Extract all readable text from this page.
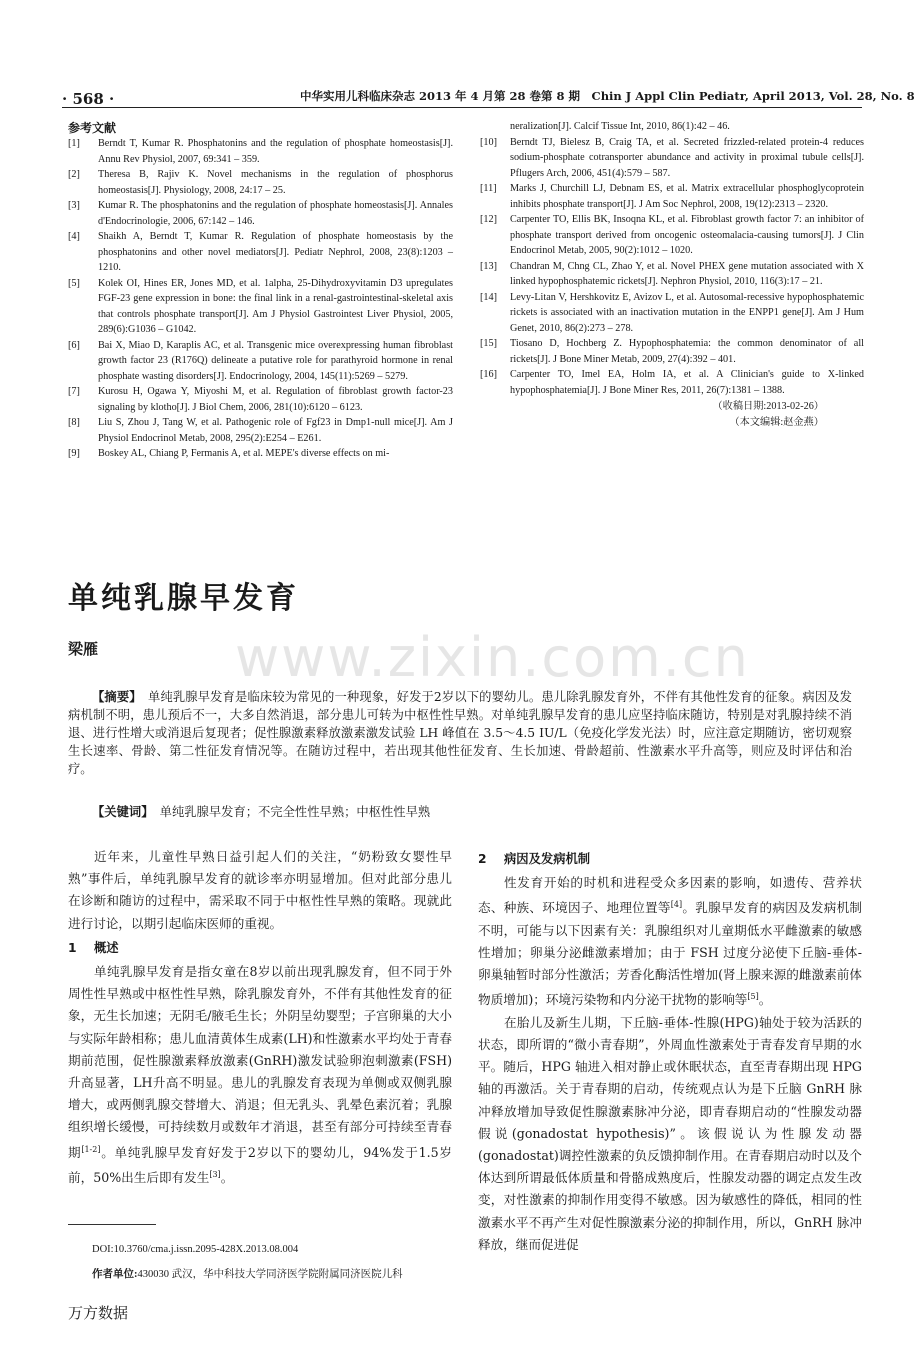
· 568 ·	中华实用儿科临床杂志 2013 年 4 月第 28 卷第 8 期　Chin J Appl Clin Pediatr, April 2013, Vol. 28, No. 8
参考文献
[1]	Berndt T, Kumar R. Phosphatonins and the regulation of phosphate homeostasis[J]. Annu Rev Physiol, 2007, 69:341 – 359.
[2]	Theresa B, Rajiv K. Novel mechanisms in the regulation of phosphorus homeostasis[J]. Physiology, 2008, 24:17 – 25.
[3]	Kumar R. The phosphatonins and the regulation of phosphate homeostasis[J]. Annales d'Endocrinologie, 2006, 67:142 – 146.
[4]	Shaikh A, Berndt T, Kumar R. Regulation of phosphate homeostasis by the phosphatonins and other novel mediators[J]. Pediatr Nephrol, 2008, 23(8):1203 – 1210.
[5]	Kolek OI, Hines ER, Jones MD, et al. 1alpha, 25-Dihydroxyvitamin D3 upregulates FGF-23 gene expression in bone: the final link in a renal-gastrointestinal-skeletal axis that controls phosphate transport[J]. Am J Physiol Gastrointest Liver Physiol, 2005, 289(6):G1036 – G1042.
[6]	Bai X, Miao D, Karaplis AC, et al. Transgenic mice overexpressing human fibroblast growth factor 23 (R176Q) delineate a putative role for parathyroid hormone in renal phosphate wasting disorders[J]. Endocrinology, 2004, 145(11):5269 – 5279.
[7]	Kurosu H, Ogawa Y, Miyoshi M, et al. Regulation of fibroblast growth factor-23 signaling by klotho[J]. J Biol Chem, 2006, 281(10):6120 – 6123.
[8]	Liu S, Zhou J, Tang W, et al. Pathogenic role of Fgf23 in Dmp1-null mice[J]. Am J Physiol Endocrinol Metab, 2008, 295(2):E254 – E261.
[9]	Boskey AL, Chiang P, Fermanis A, et al. MEPE's diverse effects on mi-
neralization[J]. Calcif Tissue Int, 2010, 86(1):42 – 46.
[10]	Berndt TJ, Bielesz B, Craig TA, et al. Secreted frizzled-related protein-4 reduces sodium-phosphate cotransporter abundance and activity in proximal tubule cells[J]. Pflugers Arch, 2006, 451(4):579 – 587.
[11]	Marks J, Churchill LJ, Debnam ES, et al. Matrix extracellular phosphoglycoprotein inhibits phosphate transport[J]. J Am Soc Nephrol, 2008, 19(12):2313 – 2320.
[12]	Carpenter TO, Ellis BK, Insoqna KL, et al. Fibroblast growth factor 7: an inhibitor of phosphate transport derived from oncogenic osteomalacia-causing tumors[J]. J Clin Endocrinol Metab, 2005, 90(2):1012 – 1020.
[13]	Chandran M, Chng CL, Zhao Y, et al. Novel PHEX gene mutation associated with X linked hypophosphatemic rickets[J]. Nephron Physiol, 2010, 116(3):17 – 21.
[14]	Levy-Litan V, Hershkovitz E, Avizov L, et al. Autosomal-recessive hypophosphatemic rickets is associated with an inactivation mutation in the ENPP1 gene[J]. Am J Hum Genet, 2010, 86(2):273 – 278.
[15]	Tiosano D, Hochberg Z. Hypophosphatemia: the common denominator of all rickets[J]. J Bone Miner Metab, 2009, 27(4):392 – 401.
[16]	Carpenter TO, Imel EA, Holm IA, et al. A Clinician's guide to X-linked hypophosphatemia[J]. J Bone Miner Res, 2011, 26(7):1381 – 1388.
（收稿日期:2013-02-26）
（本文编辑:赵金燕）
单纯乳腺早发育
www.zixin.com.cn
梁雁
【摘要】　 单纯乳腺早发育是临床较为常见的一种现象，好发于2岁以下的婴幼儿。患儿除乳腺发育外，不伴有其他性发育的征象。病因及发病机制不明，患儿预后不一，大多自然消退，部分患儿可转为中枢性性早熟。对单纯乳腺早发育的患儿应坚持临床随访，特别是对乳腺持续不消退、进行性增大或消退后复现者；促性腺激素释放激素激发试验 LH 峰值在 3.5～4.5 IU/L（免疫化学发光法）时，应注意定期随访，密切观察生长速率、骨龄、第二性征发育情况等。在随访过程中，若出现其他性征发育、生长加速、骨龄超前、性激素水平升高等，则应及时评估和治疗。
【关键词】　 单纯乳腺早发育；不完全性性早熟；中枢性性早熟

近年来，儿童性早熟日益引起人们的关注，“奶粉致女婴性早熟”事件后，单纯乳腺早发育的就诊率亦明显增加。但对此部分患儿在诊断和随访的过程中，需采取不同于中枢性性早熟的策略。现就此进行讨论，以期引起临床医师的重视。

1 概述

单纯乳腺早发育是指女童在8岁以前出现乳腺发育，但不同于外周性性早熟或中枢性性早熟，除乳腺发育外，不伴有其他性发育的征象，无生长加速；无阴毛/腋毛生长；外阴呈幼婴型；子宫卵巢的大小与实际年龄相称；患儿血清黄体生成素(LH)和性激素水平均处于青春期前范围，促性腺激素释放激素(GnRH)激发试验卵泡刺激素(FSH)升高显著，LH升高不明显。患儿的乳腺发育表现为单侧或双侧乳腺增大，或两侧乳腺交替增大、消退；但无乳头、乳晕色素沉着；乳腺组织增长缓慢，可持续数月或数年才消退，甚至有部分可持续至青春期[1-2]。单纯乳腺早发育好发于2岁以下的婴幼儿，94%发于1.5岁前，50%出生后即有发生[3]。

2 病因及发病机制

性发育开始的时机和进程受众多因素的影响，如遗传、营养状态、种族、环境因子、地理位置等[4]。乳腺早发育的病因及发病机制不明，可能与以下因素有关：乳腺组织对儿童期低水平雌激素的敏感性增加；卵巢分泌雌激素增加；由于 FSH 过度分泌使下丘脑-垂体-卵巢轴暂时部分性激活；芳香化酶活性增加(肾上腺来源的雌激素前体物质增加)；环境污染物和内分泌干扰物的影响等[5]。

在胎儿及新生儿期，下丘脑-垂体-性腺(HPG)轴处于较为活跃的状态，即所谓的“微小青春期”，外周血性激素处于青春发育早期的水平。随后，HPG 轴进入相对静止或休眠状态，直至青春期出现 HPG 轴的再激活。关于青春期的启动，传统观点认为是下丘脑 GnRH 脉冲释放增加导致促性腺激素脉冲分泌，即青春期启动的“性腺发动器假说(gonadostat hypothesis)”。该假说认为性腺发动器(gonadostat)调控性激素的负反馈抑制作用。在青春期启动时以及个体达到所谓最低体质量和骨骼成熟度后，性腺发动器的调定点发生改变，对性激素的抑制作用变得不敏感。因为敏感性的降低，相同的性激素水平不再产生对促性腺激素分泌的抑制作用，所以，GnRH 脉冲释放，继而促进促

DOI:10.3760/cma.j.issn.2095-428X.2013.08.004
作者单位:430030 武汉，华中科技大学同济医学院附属同济医院儿科
万方数据
